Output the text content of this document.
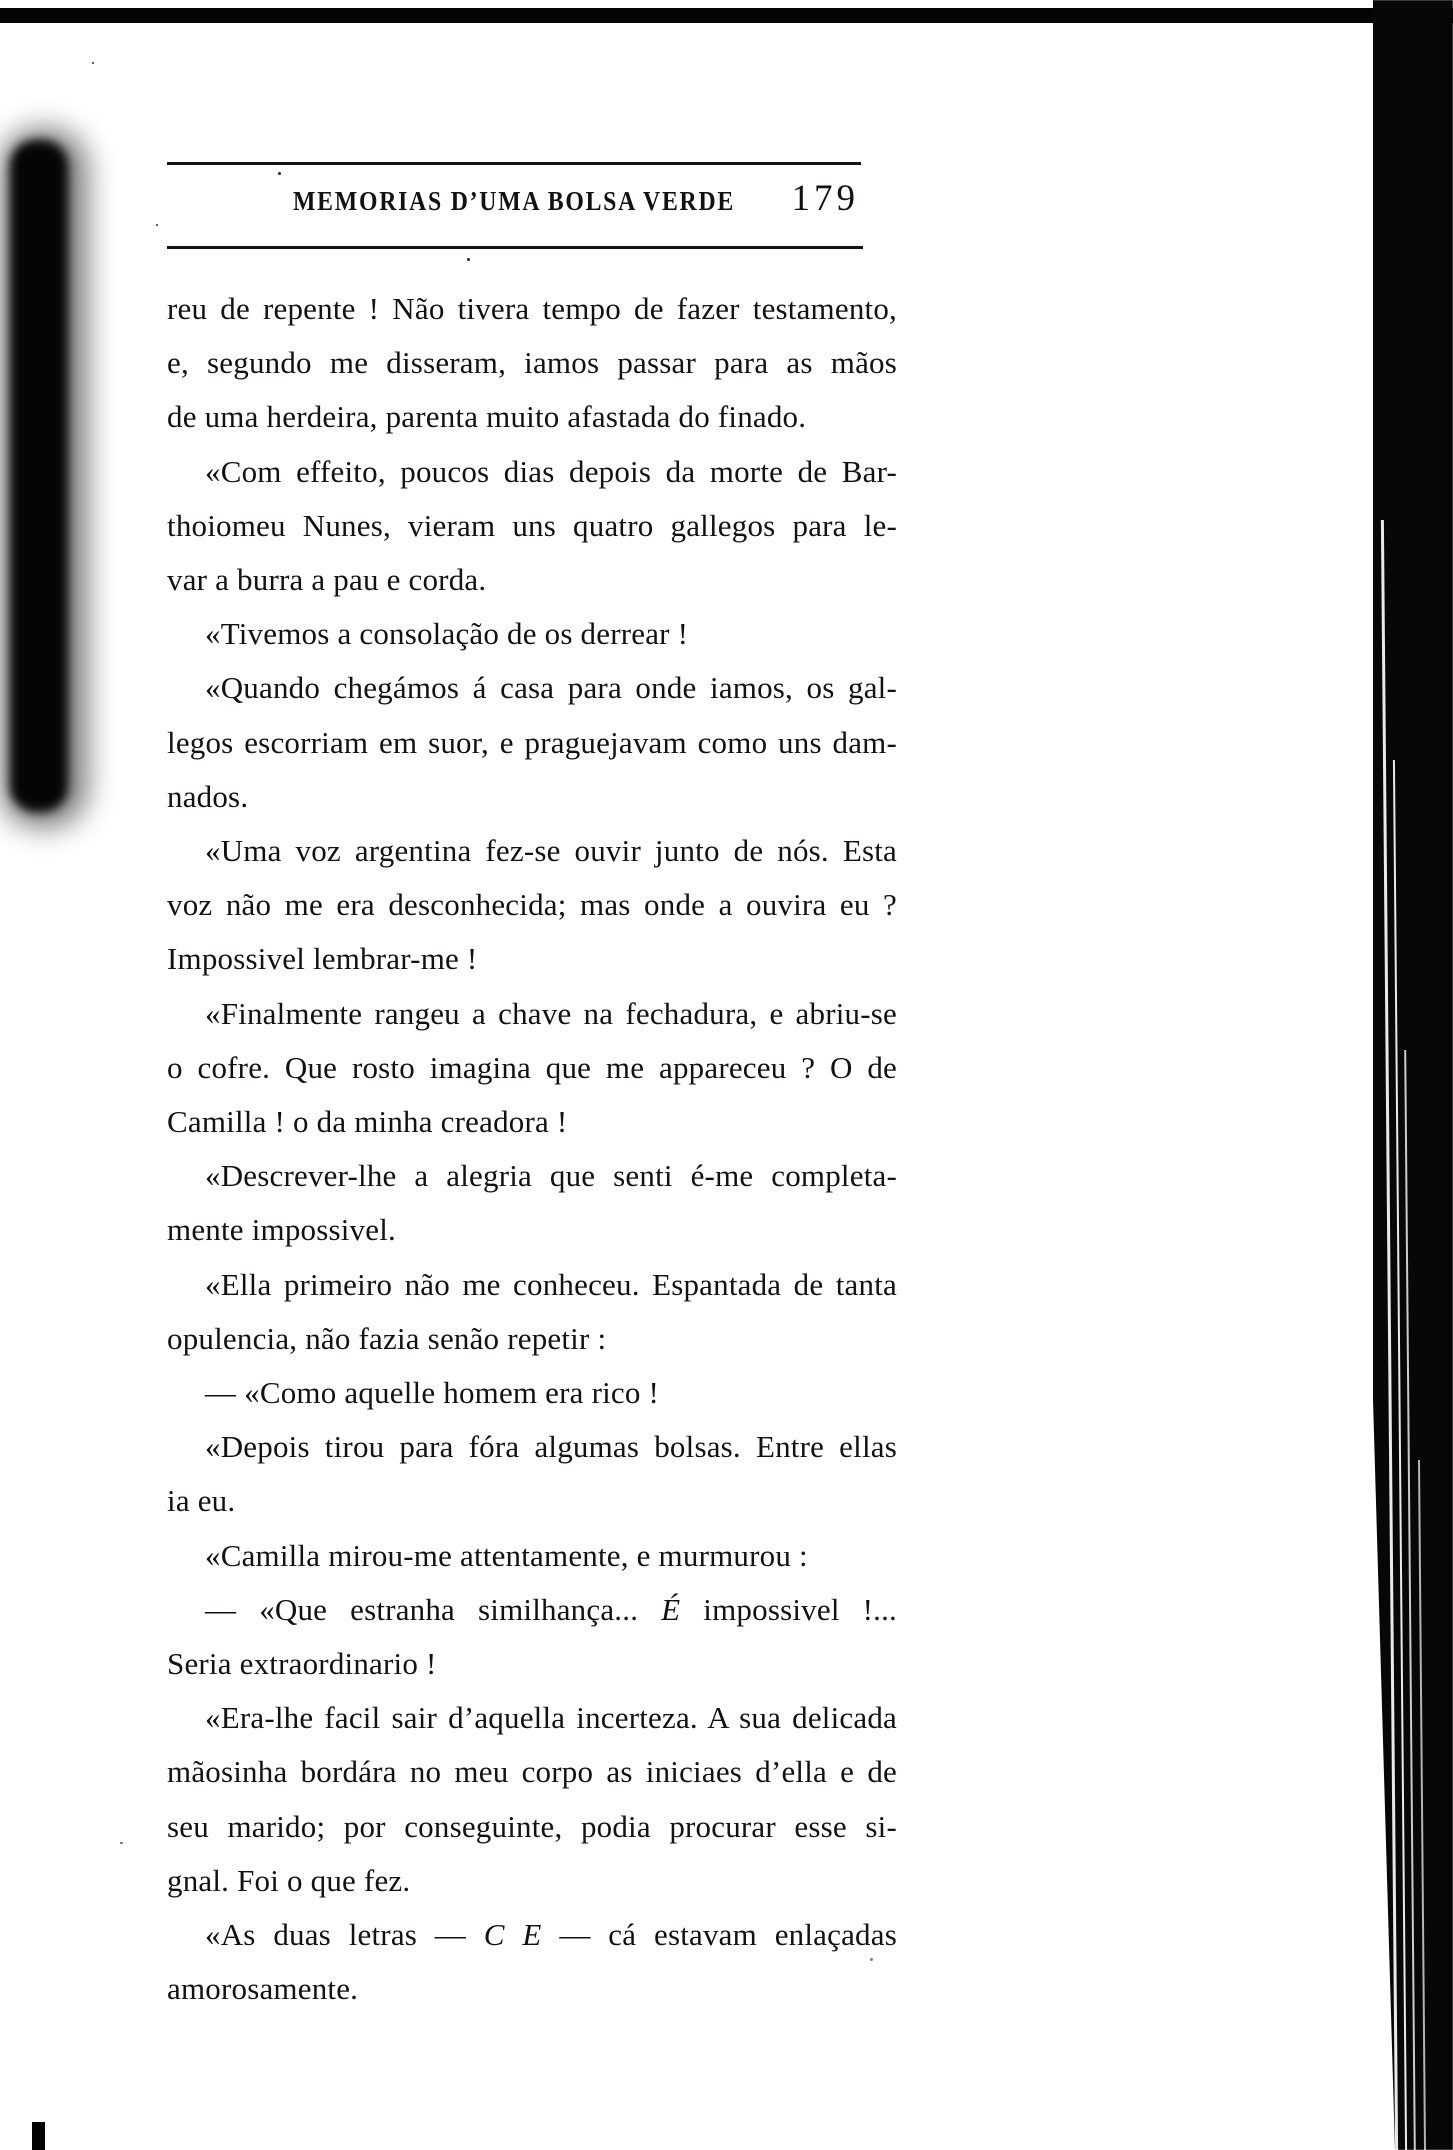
MEMORIAS D’UMA BOLSA VERDE	179
reu de repente ! Não tivera tempo de fazer testamento,
e, segundo me disseram, iamos passar para as mãos
de uma herdeira, parenta muito afastada do finado.
«Com effeito, poucos dias depois da morte de Bar-
thoiomeu Nunes, vieram uns quatro gallegos para le-
var a burra a pau e corda.
«Tivemos a consolação de os derrear !
«Quando chegámos á casa para onde iamos, os gal-
legos escorriam em suor, e praguejavam como uns dam-
nados.
«Uma voz argentina fez-se ouvir junto de nós. Esta
voz não me era desconhecida; mas onde a ouvira eu ?
Impossivel lembrar-me !
«Finalmente rangeu a chave na fechadura, e abriu-se
o cofre. Que rosto imagina que me appareceu ? O de
Camilla ! o da minha creadora !
«Descrever-lhe a alegria que senti é-me completa-
mente impossivel.
«Ella primeiro não me conheceu. Espantada de tanta
opulencia, não fazia senão repetir :
— «Como aquelle homem era rico !
«Depois tirou para fóra algumas bolsas. Entre ellas
ia eu.
«Camilla mirou-me attentamente, e murmurou :
— «Que estranha similhança... É impossivel !...
Seria extraordinario !
«Era-lhe facil sair d’aquella incerteza. A sua delicada
mãosinha bordára no meu corpo as iniciaes d’ella e de
seu marido; por conseguinte, podia procurar esse si-
gnal. Foi o que fez.
«As duas letras — C E — cá estavam enlaçadas
amorosamente.
